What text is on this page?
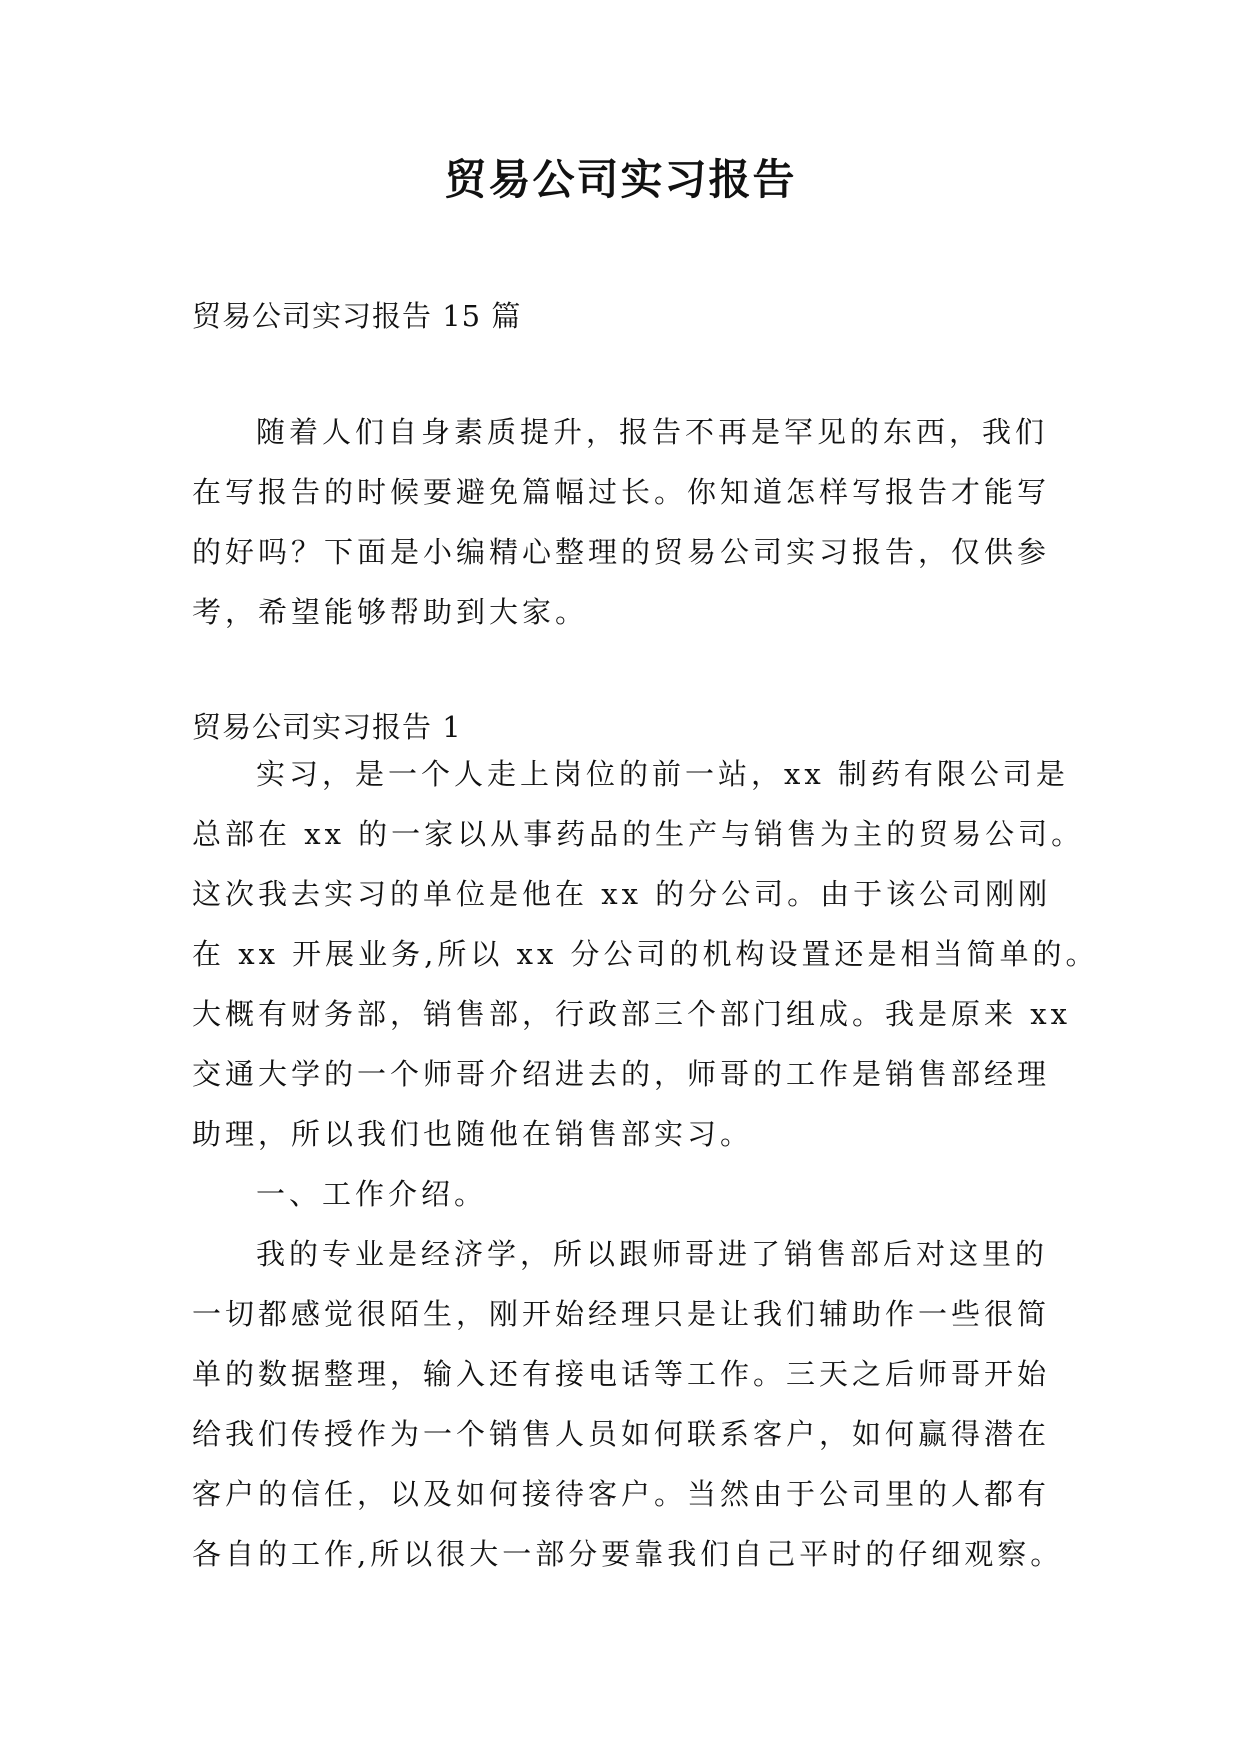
贸易公司实习报告
贸易公司实习报告 15 篇
随着人们自身素质提升，报告不再是罕见的东西，我们
在写报告的时候要避免篇幅过长。你知道怎样写报告才能写
的好吗？下面是小编精心整理的贸易公司实习报告，仅供参
考，希望能够帮助到大家。
贸易公司实习报告 1
实习，是一个人走上岗位的前一站，xx 制药有限公司是
总部在 xx 的一家以从事药品的生产与销售为主的贸易公司。
这次我去实习的单位是他在 xx 的分公司。由于该公司刚刚
在 xx 开展业务,所以 xx 分公司的机构设置还是相当简单的。
大概有财务部，销售部，行政部三个部门组成。我是原来 xx
交通大学的一个师哥介绍进去的，师哥的工作是销售部经理
助理，所以我们也随他在销售部实习。
一、工作介绍。
我的专业是经济学，所以跟师哥进了销售部后对这里的
一切都感觉很陌生，刚开始经理只是让我们辅助作一些很简
单的数据整理，输入还有接电话等工作。三天之后师哥开始
给我们传授作为一个销售人员如何联系客户，如何赢得潜在
客户的信任，以及如何接待客户。当然由于公司里的人都有
各自的工作,所以很大一部分要靠我们自己平时的仔细观察。
